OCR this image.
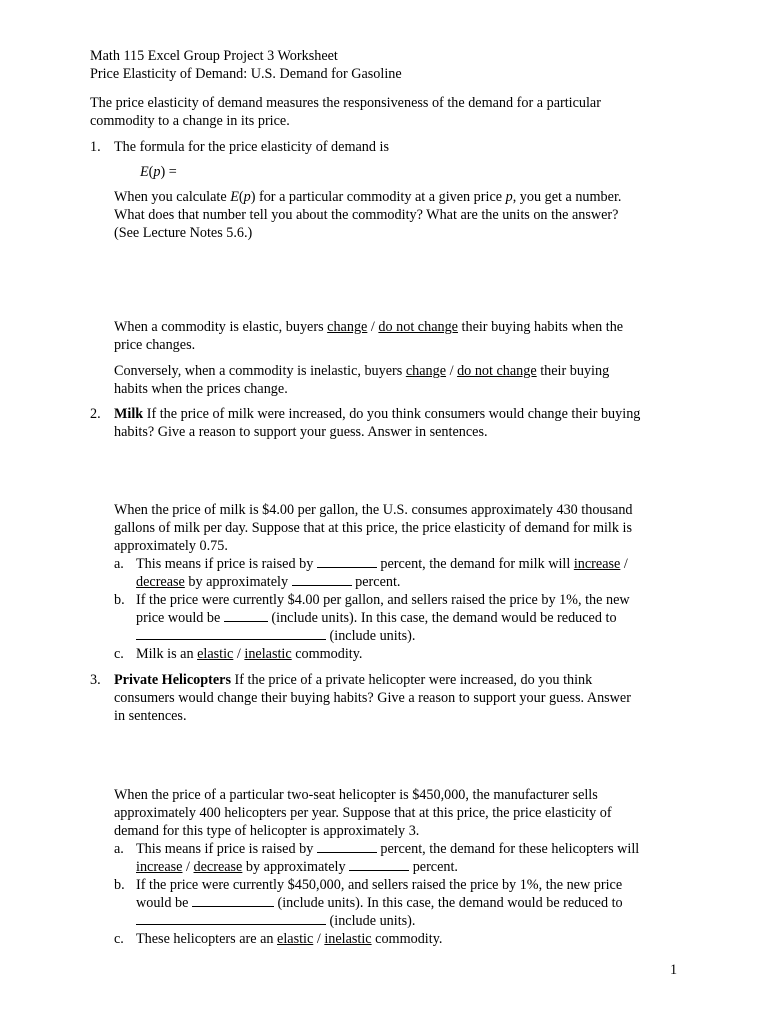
Math 115 Excel Group Project 3 Worksheet
Price Elasticity of Demand: U.S. Demand for Gasoline
The price elasticity of demand measures the responsiveness of the demand for a particular
commodity to a change in its price.
1. The formula for the price elasticity of demand is
E(p) =
When you calculate E(p) for a particular commodity at a given price p, you get a number.
What does that number tell you about the commodity? What are the units on the answer?
(See Lecture Notes 5.6.)
When a commodity is elastic, buyers change / do not change their buying habits when the
price changes.
Conversely, when a commodity is inelastic, buyers change / do not change their buying
habits when the prices change.
2. Milk If the price of milk were increased, do you think consumers would change their buying
habits? Give a reason to support your guess. Answer in sentences.
When the price of milk is $4.00 per gallon, the U.S. consumes approximately 430 thousand
gallons of milk per day. Suppose that at this price, the price elasticity of demand for milk is
approximately 0.75.
a. This means if price is raised by	percent, the demand for milk will increase /
decrease by approximately	percent.
b. If the price were currently $4.00 per gallon, and sellers raised the price by 1%, the new
price would be	(include units). In this case, the demand would be reduced to
(include units).
c. Milk is an elastic / inelastic commodity.
3. Private Helicopters If the price of a private helicopter were increased, do you think
consumers would change their buying habits? Give a reason to support your guess. Answer
in sentences.
When the price of a particular two-seat helicopter is $450,000, the manufacturer sells
approximately 400 helicopters per year. Suppose that at this price, the price elasticity of
demand for this type of helicopter is approximately 3.
a. This means if price is raised by	percent, the demand for these helicopters will
increase / decrease by approximately	percent.
b. If the price were currently $450,000, and sellers raised the price by 1%, the new price
would be	(include units). In this case, the demand would be reduced to
(include units).
c. These helicopters are an elastic / inelastic commodity.
1
